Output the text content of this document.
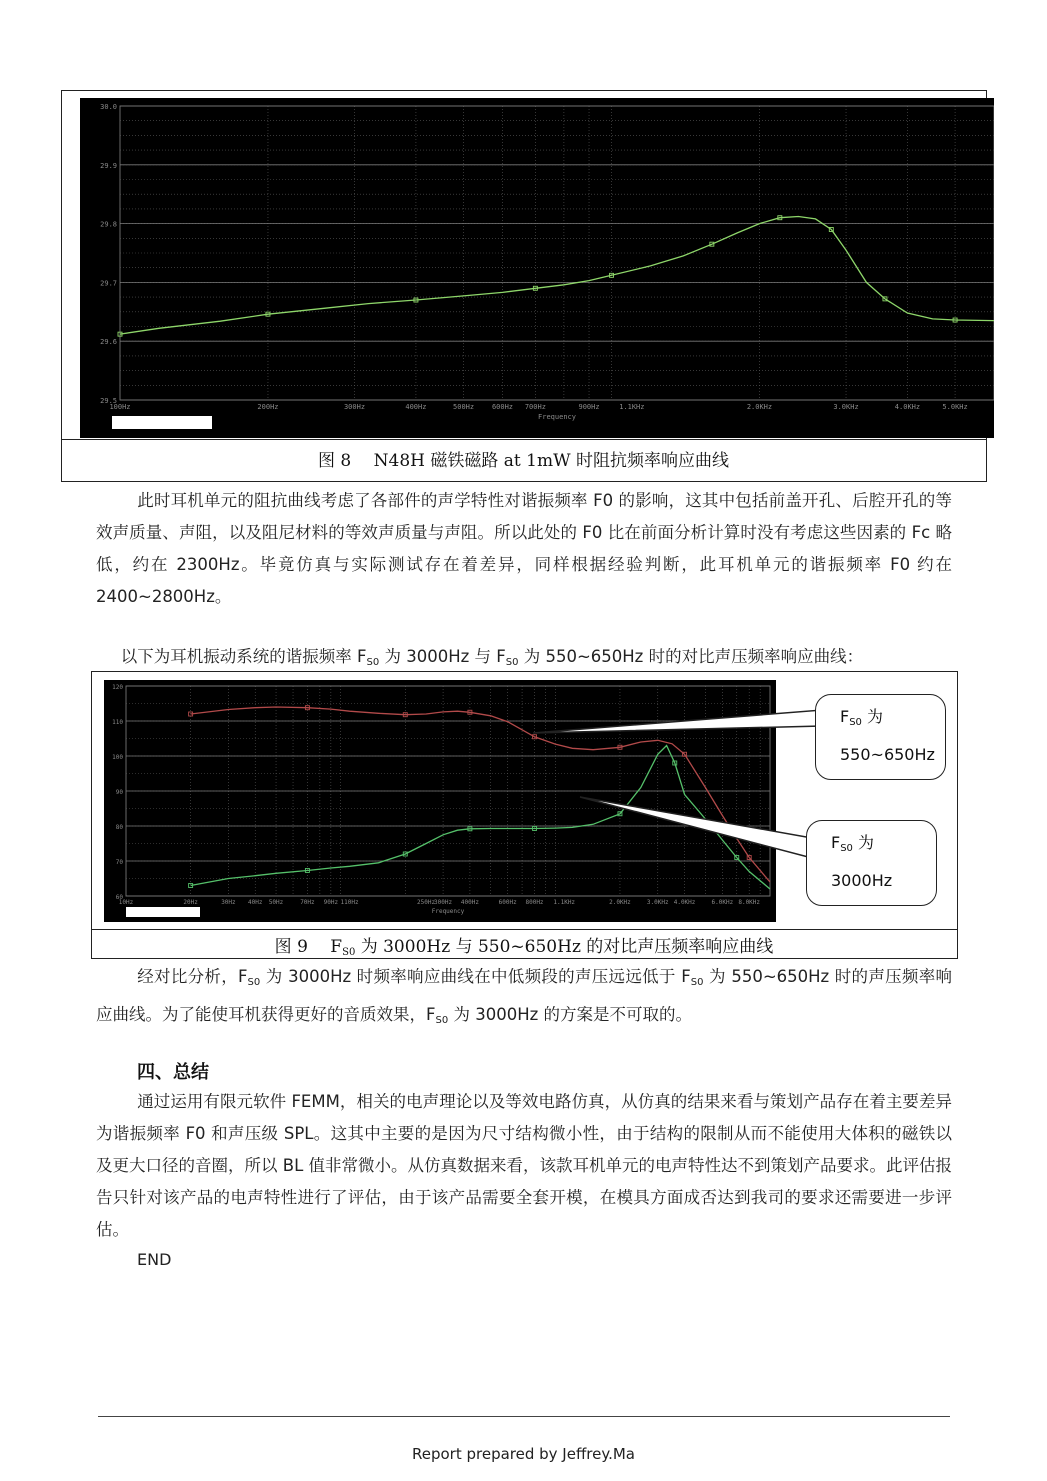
29.5
29.6
29.7
29.8
29.9
30.0
100Hz	200Hz	300Hz	400Hz	500Hz	600Hz 700Hz	900Hz	1.1KHz	2.0KHz	3.0KHz	4.0KHz	5.0KHz
Frequency
图 8　 N48H 磁铁磁路 at 1mW 时阻抗频率响应曲线

此时耳机单元的阻抗曲线考虑了各部件的声学特性对谐振频率 F0 的影响，这其中包括前盖开孔、后腔开孔的等效声质量、声阻，以及阻尼材料的等效声质量与声阻。所以此处的 F0 比在前面分析计算时没有考虑这些因素的 Fc 略低，约在 2300Hz。毕竟仿真与实际测试存在着差异，同样根据经验判断，此耳机单元的谐振频率 F0 约在 2400~2800Hz。

以下为耳机振动系统的谐振频率 $F_{S0}$ 为 3000Hz 与 $F_{S0}$ 为 550~650Hz 时的对比声压频率响应曲线：

60
70
80
90
100
110
120
10Hz	20Hz	30Hz 40Hz 50Hz	70Hz 90Hz 110Hz	250Hz
300Hz 400Hz	600Hz 800Hz 1.1KHz	2.0KHz	3.0KHz 4.0KHz	6.0KHz 8.0KHz
Frequency
$F_{S0}$ 为
550~650Hz
$F_{S0}$ 为
3000Hz
图 9　 $F_{S0}$ 为 3000Hz 与 550~650Hz 的对比声压频率响应曲线

经对比分析，$F_{S0}$ 为 3000Hz 时频率响应曲线在中低频段的声压远远低于 $F_{S0}$ 为 550~650Hz 时的声压频率响应曲线。为了能使耳机获得更好的音质效果，$F_{S0}$ 为 3000Hz 的方案是不可取的。

四、总结

通过运用有限元软件 FEMM，相关的电声理论以及等效电路仿真，从仿真的结果来看与策划产品存在着主要差异为谐振频率 F0 和声压级 SPL。这其中主要的是因为尺寸结构微小性，由于结构的限制从而不能使用大体积的磁铁以及更大口径的音圈，所以 BL 值非常微小。从仿真数据来看，该款耳机单元的电声特性达不到策划产品要求。此评估报告只针对该产品的电声特性进行了评估，由于该产品需要全套开模，在模具方面成否达到我司的要求还需要进一步评估。

END
Report prepared by Jeffrey.Ma
